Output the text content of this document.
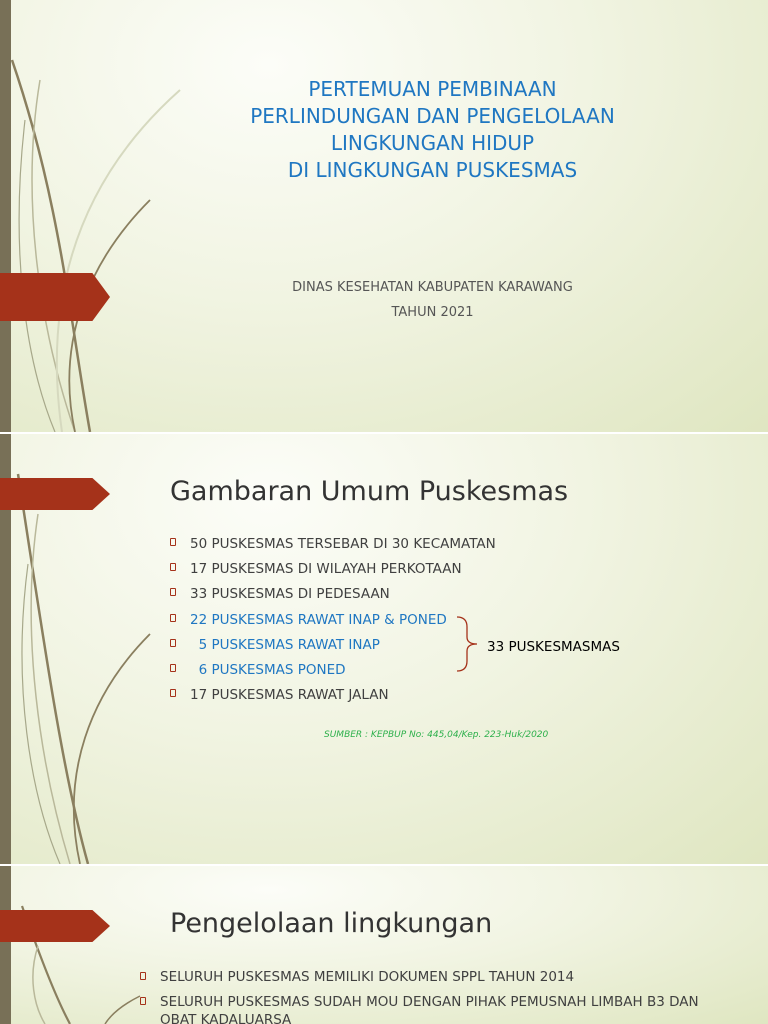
PERTEMUAN PEMBINAAN
PERLINDUNGAN DAN PENGELOLAAN
LINGKUNGAN HIDUP
DI LINGKUNGAN PUSKESMAS
DINAS KESEHATAN KABUPATEN KARAWANG
TAHUN 2021
Gambaran Umum Puskesmas
50 PUSKESMAS TERSEBAR DI 30 KECAMATAN
17 PUSKESMAS DI WILAYAH PERKOTAAN
33 PUSKESMAS DI PEDESAAN
22 PUSKESMAS RAWAT INAP & PONED
5 PUSKESMAS RAWAT INAP
6 PUSKESMAS PONED
17 PUSKESMAS RAWAT JALAN
33 PUSKESMASMAS
SUMBER : KEPBUP No: 445,04/Kep. 223-Huk/2020
Pengelolaan lingkungan
SELURUH PUSKESMAS MEMILIKI DOKUMEN SPPL TAHUN 2014
SELURUH PUSKESMAS SUDAH MOU DENGAN PIHAK PEMUSNAH LIMBAH B3 DAN OBAT KADALUARSA
